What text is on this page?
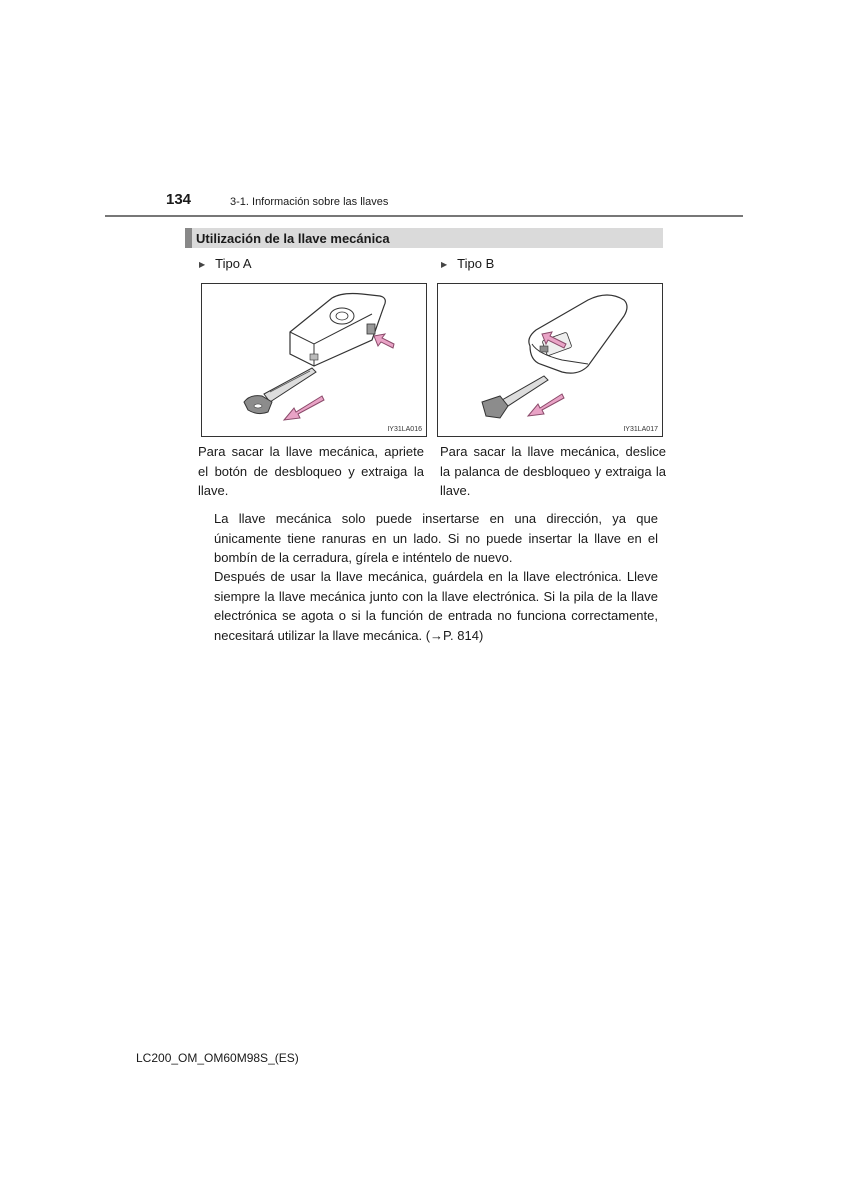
134	3-1. Información sobre las llaves
Utilización de la llave mecánica
▶ Tipo A	▶ Tipo B
IY31LA016	IY31LA017
Para sacar la llave mecánica, apriete el botón de desbloqueo y extraiga la llave.
Para sacar la llave mecánica, deslice la palanca de desbloqueo y extraiga la llave.
La llave mecánica solo puede insertarse en una dirección, ya que únicamente tiene ranuras en un lado. Si no puede insertar la llave en el bombín de la cerradura, gírela e inténtelo de nuevo.
Después de usar la llave mecánica, guárdela en la llave electrónica. Lleve siempre la llave mecánica junto con la llave electrónica. Si la pila de la llave electrónica se agota o si la función de entrada no funciona correctamente, necesitará utilizar la llave mecánica. (→P. 814)
LC200_OM_OM60M98S_(ES)
